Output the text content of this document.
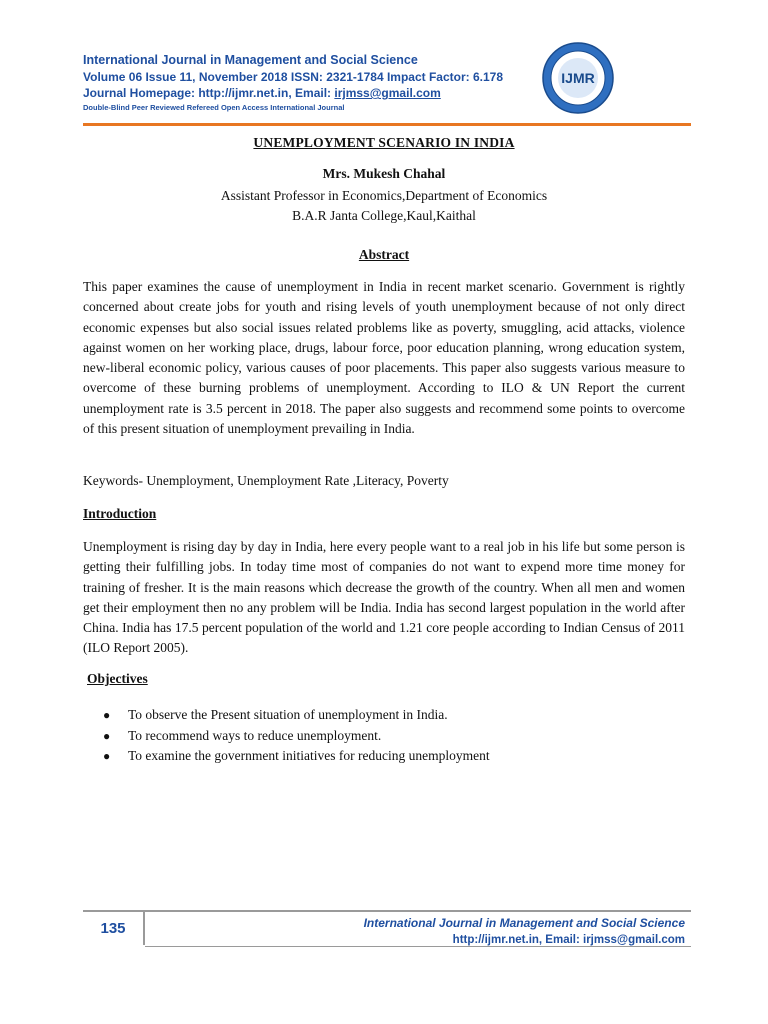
International Journal in Management and Social Science
Volume 06 Issue 11, November 2018 ISSN: 2321-1784 Impact Factor: 6.178
Journal Homepage: http://ijmr.net.in, Email: irjmss@gmail.com
Double-Blind Peer Reviewed Refereed Open Access International Journal
IJMR
UNEMPLOYMENT SCENARIO IN INDIA
Mrs. Mukesh Chahal
Assistant Professor in Economics,Department of Economics
B.A.R Janta College,Kaul,Kaithal
Abstract

This paper examines the cause of unemployment in India in recent market scenario. Government is rightly concerned about create jobs for youth and rising levels of youth unemployment because of not only direct economic expenses but also social issues related problems like as poverty, smuggling, acid attacks, violence against women on her working place, drugs, labour force, poor education planning, wrong education system, new-liberal economic policy, various causes of poor placements. This paper also suggests various measure to overcome of these burning problems of unemployment. According to ILO & UN Report the current unemployment rate is 3.5 percent in 2018. The paper also suggests and recommend some points to overcome of this present situation of unemployment prevailing in India.

Keywords- Unemployment, Unemployment Rate ,Literacy, Poverty
Introduction

Unemployment is rising day by day in India, here every people want to a real job in his life but some person is getting their fulfilling jobs. In today time most of companies do not want to expend more time money for training of fresher. It is the main reasons which decrease the growth of the country. When all men and women get their employment then no any problem will be India. India has second largest population in the world after China. India has 17.5 percent population of the world and 1.21 core people according to Indian Census of 2011 (ILO Report 2005).

Objectives
● To observe the Present situation of unemployment in India.
● To recommend ways to reduce unemployment.
● To examine the government initiatives for reducing unemployment
135	International Journal in Management and Social Science
http://ijmr.net.in, Email: irjmss@gmail.com
